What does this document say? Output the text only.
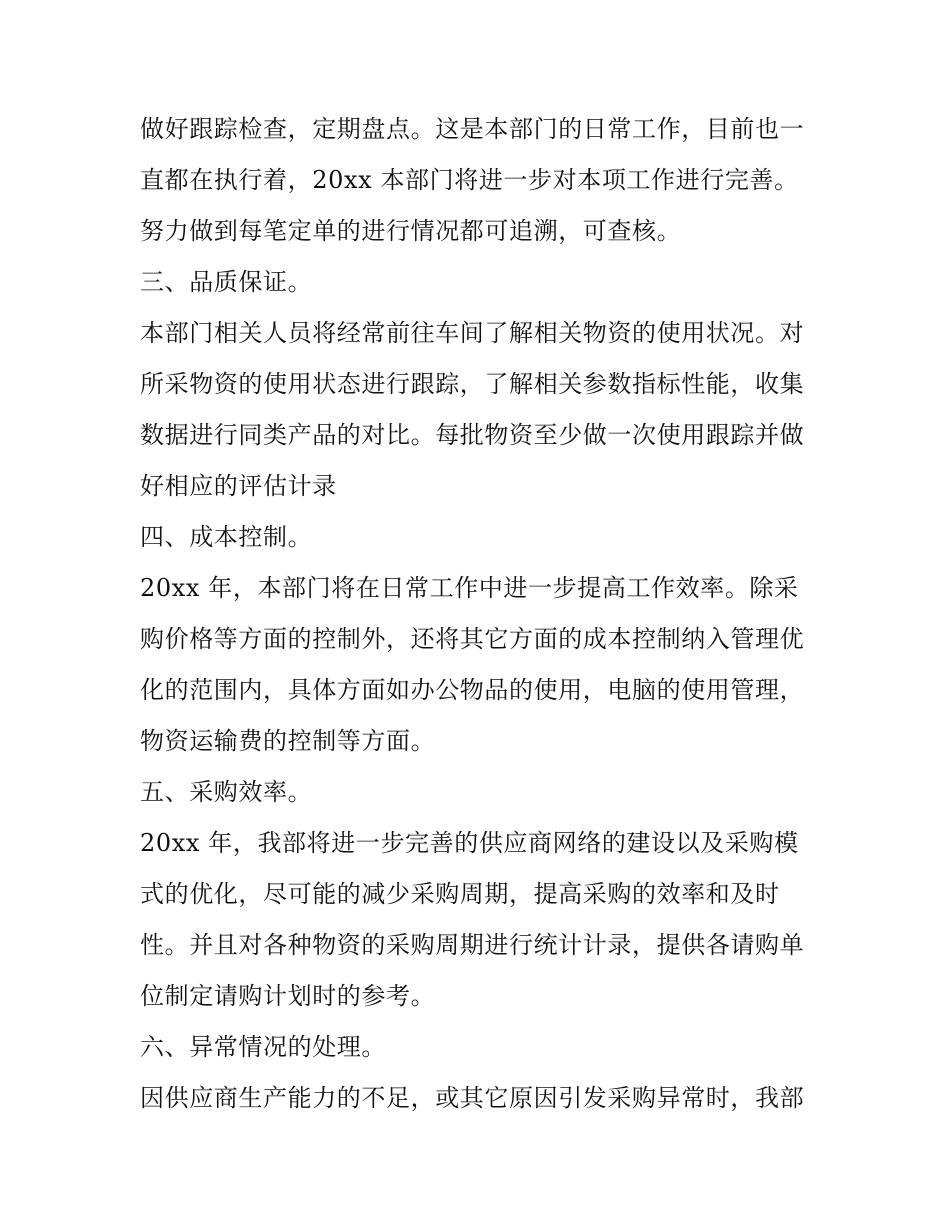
做好跟踪检查，定期盘点。这是本部门的日常工作，目前也一
直都在执行着，20xx 本部门将进一步对本项工作进行完善。
努力做到每笔定单的进行情况都可追溯，可查核。
三、品质保证。
本部门相关人员将经常前往车间了解相关物资的使用状况。对
所采物资的使用状态进行跟踪，了解相关参数指标性能，收集
数据进行同类产品的对比。每批物资至少做一次使用跟踪并做
好相应的评估计录
四、成本控制。
20xx 年，本部门将在日常工作中进一步提高工作效率。除采
购价格等方面的控制外，还将其它方面的成本控制纳入管理优
化的范围内，具体方面如办公物品的使用，电脑的使用管理，
物资运输费的控制等方面。
五、采购效率。
20xx 年，我部将进一步完善的供应商网络的建设以及采购模
式的优化，尽可能的减少采购周期，提高采购的效率和及时
性。并且对各种物资的采购周期进行统计计录，提供各请购单
位制定请购计划时的参考。
六、异常情况的处理。
因供应商生产能力的不足，或其它原因引发采购异常时，我部
